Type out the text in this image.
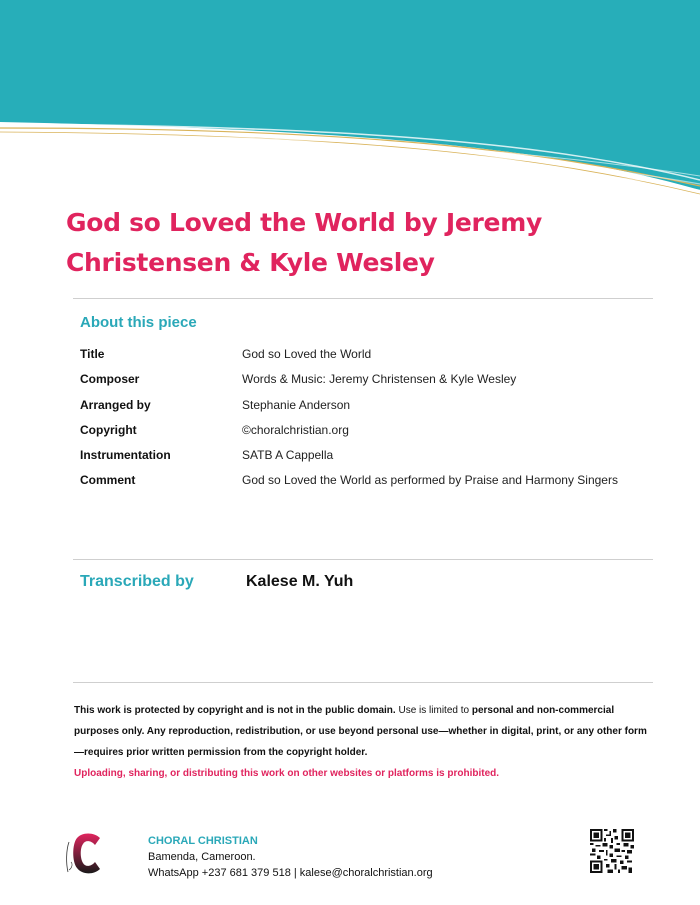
God so Loved the World by Jeremy Christensen & Kyle Wesley
About this piece
Title	God so Loved the World
Composer	Words & Music: Jeremy Christensen & Kyle Wesley
Arranged by	Stephanie Anderson
Copyright	©choralchristian.org
Instrumentation	SATB A Cappella
Comment	God so Loved the World as performed by Praise and Harmony Singers
Transcribed by	Kalese M. Yuh
This work is protected by copyright and is not in the public domain. Use is limited to personal and non-commercial purposes only. Any reproduction, redistribution, or use beyond personal use—whether in digital, print, or any other form—requires prior written permission from the copyright holder.
Uploading, sharing, or distributing this work on other websites or platforms is prohibited.
CHORAL CHRISTIAN
Bamenda, Cameroon.
WhatsApp +237 681 379 518 | kalese@choralchristian.org
